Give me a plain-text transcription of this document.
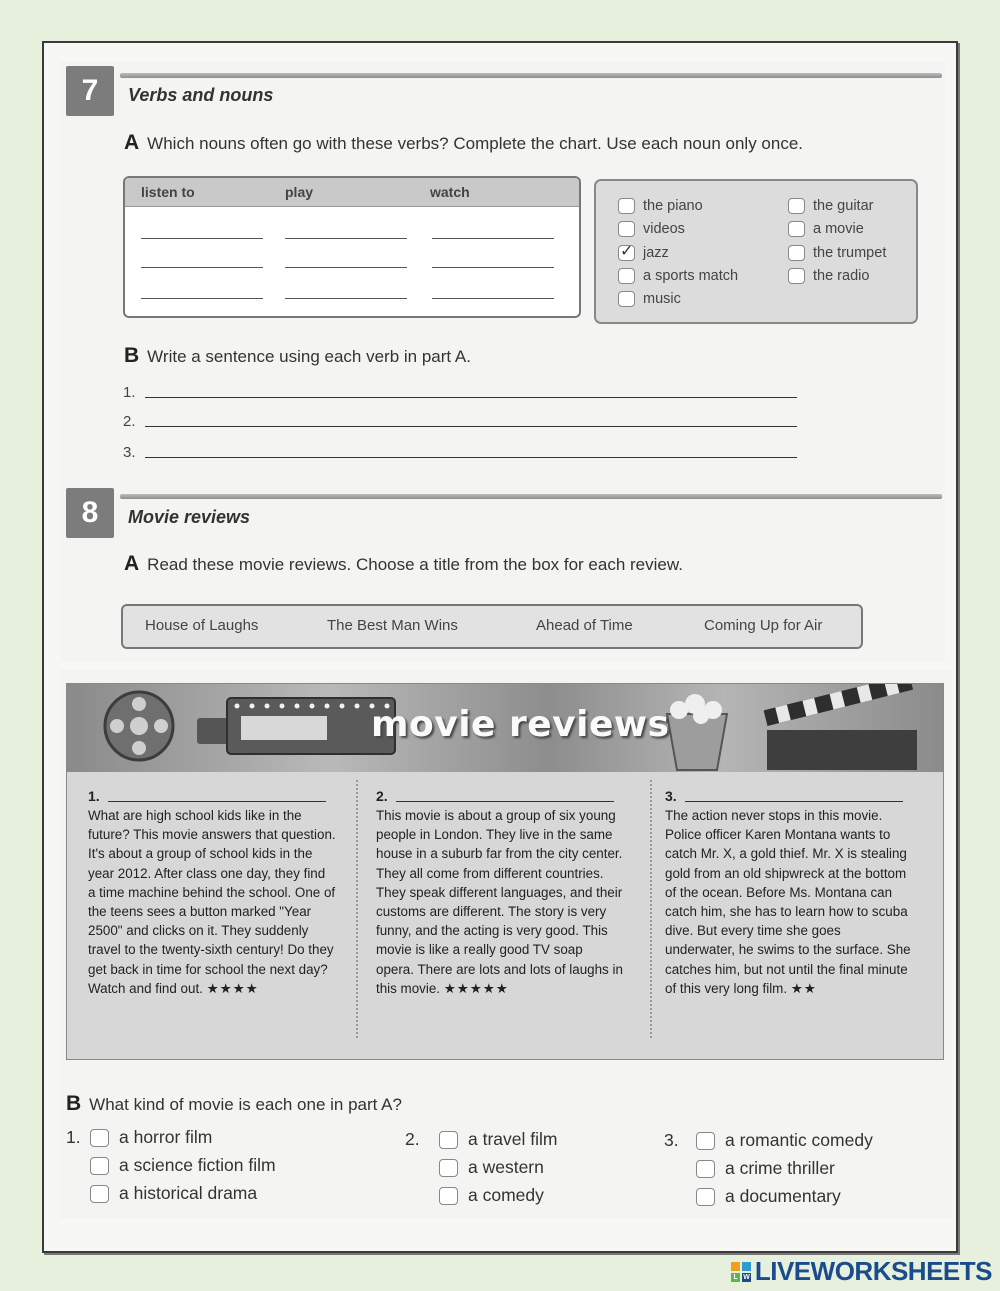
7	Verbs and nouns
A Which nouns often go with these verbs? Complete the chart. Use each noun only once.
listen to	play	watch
the piano
videos
✓
jazz
a sports match
music
the guitar
a movie
the trumpet
the radio
B Write a sentence using each verb in part A.
1.
2.
3.
8	Movie reviews
A Read these movie reviews. Choose a title from the box for each review.
House of Laughs	The Best Man Wins	Ahead of Time	Coming Up for Air
movie reviews
1.
What are high school kids like in the future? This movie answers that question. It's about a group of school kids in the year 2012. After class one day, they find a time machine behind the school. One of the teens sees a button marked "Year 2500" and clicks on it. They suddenly travel to the twenty-sixth century! Do they get back in time for school the next day? Watch and find out. ★★★★
2.
This movie is about a group of six young people in London. They live in the same house in a suburb far from the city center. They all come from different countries. They speak different languages, and their customs are different. The story is very funny, and the acting is very good. This movie is like a really good TV soap opera. There are lots and lots of laughs in this movie. ★★★★★
3.
The action never stops in this movie. Police officer Karen Montana wants to catch Mr. X, a gold thief. Mr. X is stealing gold from an old shipwreck at the bottom of the ocean. Before Ms. Montana can catch him, she has to learn how to scuba dive. But every time she goes underwater, he swims to the surface. She catches him, but not until the final minute of this very long film. ★★
B What kind of movie is each one in part A?
1.	a horror film
a science fiction film
a historical drama
2.	a travel film
a western
a comedy
3.	a romantic comedy
a crime thriller
a documentary
L W LIVEWORKSHEETS
